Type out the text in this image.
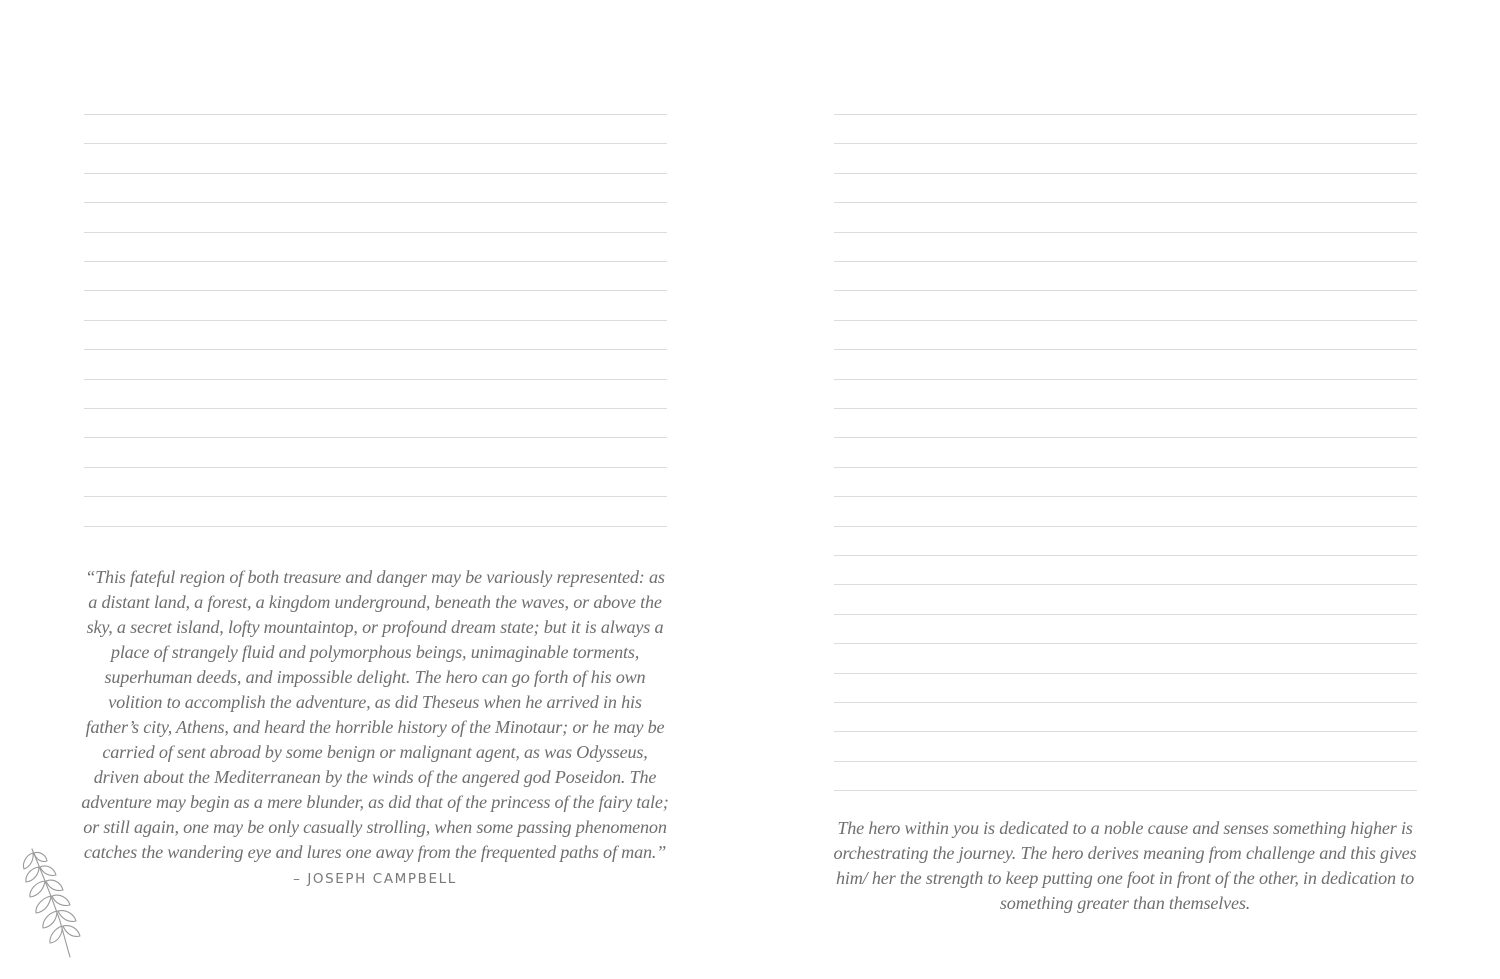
“This fateful region of both treasure and danger may be variously represented: as a distant land, a forest, a kingdom underground, beneath the waves, or above the sky, a secret island, lofty mountaintop, or profound dream state; but it is always a place of strangely fluid and polymorphous beings, unimaginable torments, superhuman deeds, and impossible delight. The hero can go forth of his own volition to accomplish the adventure, as did Theseus when he arrived in his father’s city, Athens, and heard the horrible history of the Minotaur; or he may be carried of sent abroad by some benign or malignant agent, as was Odysseus, driven about the Mediterranean by the winds of the angered god Poseidon. The adventure may begin as a mere blunder, as did that of the princess of the fairy tale; or still again, one may be only casually strolling, when some passing phenomenon catches the wandering eye and lures one away from the frequented paths of man.”

– JOSEPH CAMPBELL

The hero within you is dedicated to a noble cause and senses something higher is orchestrating the journey. The hero derives meaning from challenge and this gives him/ her the strength to keep putting one foot in front of the other, in dedication to something greater than themselves.
